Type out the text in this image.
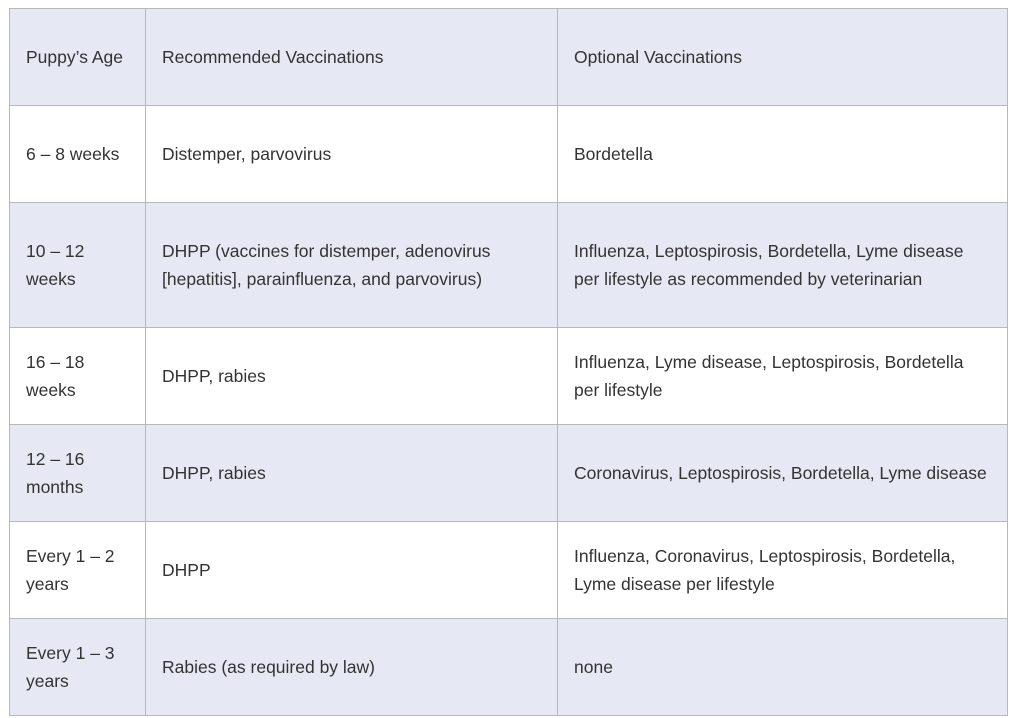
Puppy’s Age	Recommended Vaccinations	Optional Vaccinations
6 – 8 weeks	Distemper, parvovirus	Bordetella
10 – 12 weeks	DHPP (vaccines for distemper, adenovirus [hepatitis], parainfluenza, and parvovirus)	Influenza, Leptospirosis, Bordetella, Lyme disease per lifestyle as recommended by veterinarian
16 – 18 weeks	DHPP, rabies	Influenza, Lyme disease, Leptospirosis, Bordetella per lifestyle
12 – 16 months	DHPP, rabies	Coronavirus, Leptospirosis, Bordetella, Lyme disease
Every 1 – 2 years	DHPP	Influenza, Coronavirus, Leptospirosis, Bordetella, Lyme disease per lifestyle
Every 1 – 3 years	Rabies (as required by law)	none
